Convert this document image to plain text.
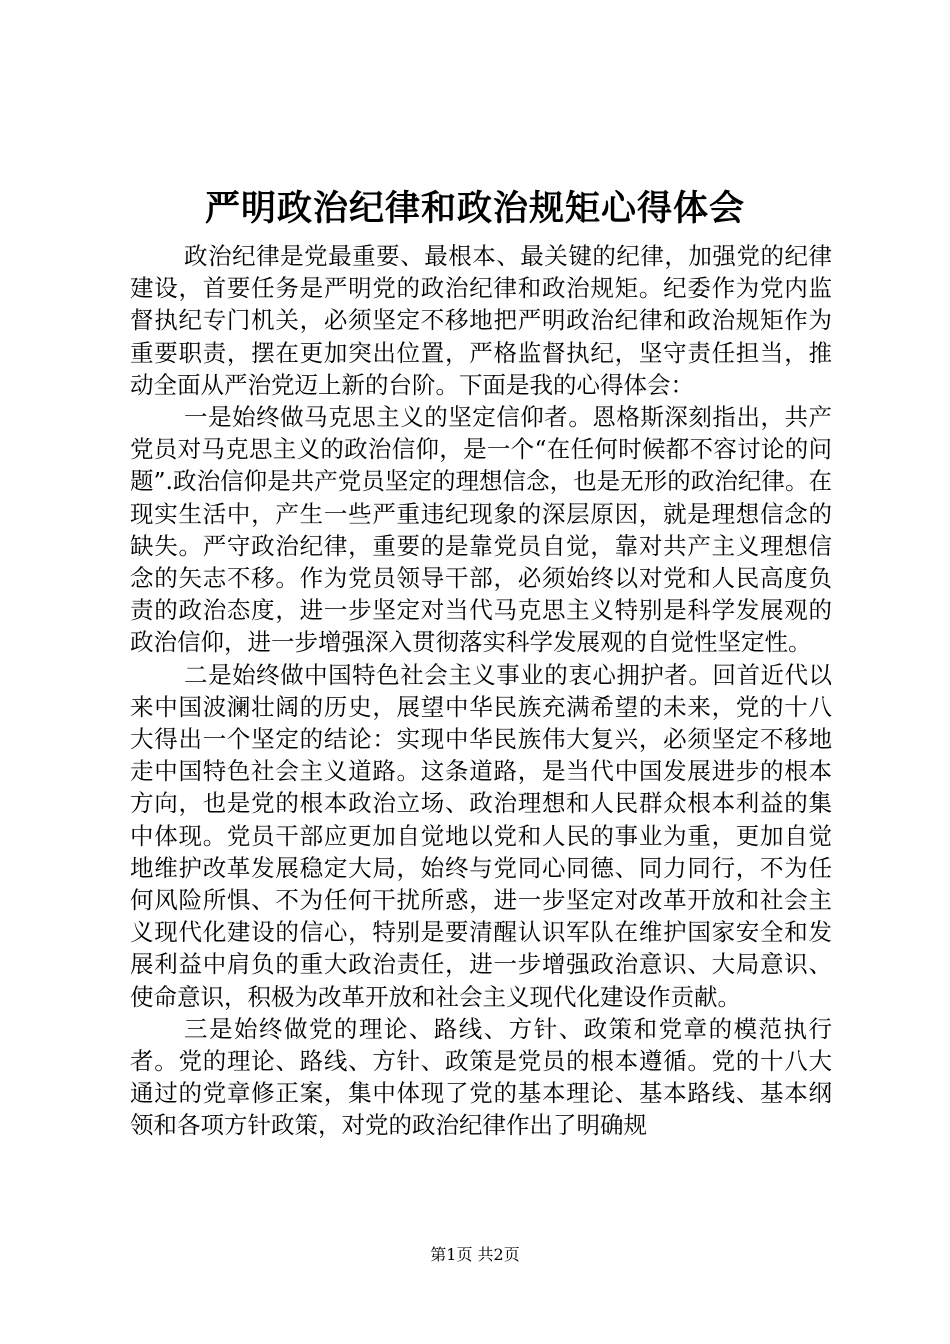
严明政治纪律和政治规矩心得体会

政治纪律是党最重要、最根本、最关键的纪律，加强党的纪律建设，首要任务是严明党的政治纪律和政治规矩。纪委作为党内监督执纪专门机关，必须坚定不移地把严明政治纪律和政治规矩作为重要职责，摆在更加突出位置，严格监督执纪，坚守责任担当，推动全面从严治党迈上新的台阶。下面是我的心得体会：

一是始终做马克思主义的坚定信仰者。恩格斯深刻指出，共产党员对马克思主义的政治信仰，是一个“在任何时候都不容讨论的问题”.政治信仰是共产党员坚定的理想信念，也是无形的政治纪律。在现实生活中，产生一些严重违纪现象的深层原因，就是理想信念的缺失。严守政治纪律，重要的是靠党员自觉，靠对共产主义理想信念的矢志不移。作为党员领导干部，必须始终以对党和人民高度负责的政治态度，进一步坚定对当代马克思主义特别是科学发展观的政治信仰，进一步增强深入贯彻落实科学发展观的自觉性坚定性。

二是始终做中国特色社会主义事业的衷心拥护者。回首近代以来中国波澜壮阔的历史，展望中华民族充满希望的未来，党的十八大得出一个坚定的结论：实现中华民族伟大复兴，必须坚定不移地走中国特色社会主义道路。这条道路，是当代中国发展进步的根本方向，也是党的根本政治立场、政治理想和人民群众根本利益的集中体现。党员干部应更加自觉地以党和人民的事业为重，更加自觉地维护改革发展稳定大局，始终与党同心同德、同力同行，不为任何风险所惧、不为任何干扰所惑，进一步坚定对改革开放和社会主义现代化建设的信心，特别是要清醒认识军队在维护国家安全和发展利益中肩负的重大政治责任，进一步增强政治意识、大局意识、使命意识，积极为改革开放和社会主义现代化建设作贡献。

三是始终做党的理论、路线、方针、政策和党章的模范执行者。党的理论、路线、方针、政策是党员的根本遵循。党的十八大通过的党章修正案，集中体现了党的基本理论、基本路线、基本纲领和各项方针政策，对党的政治纪律作出了明确规

第1页 共2页
